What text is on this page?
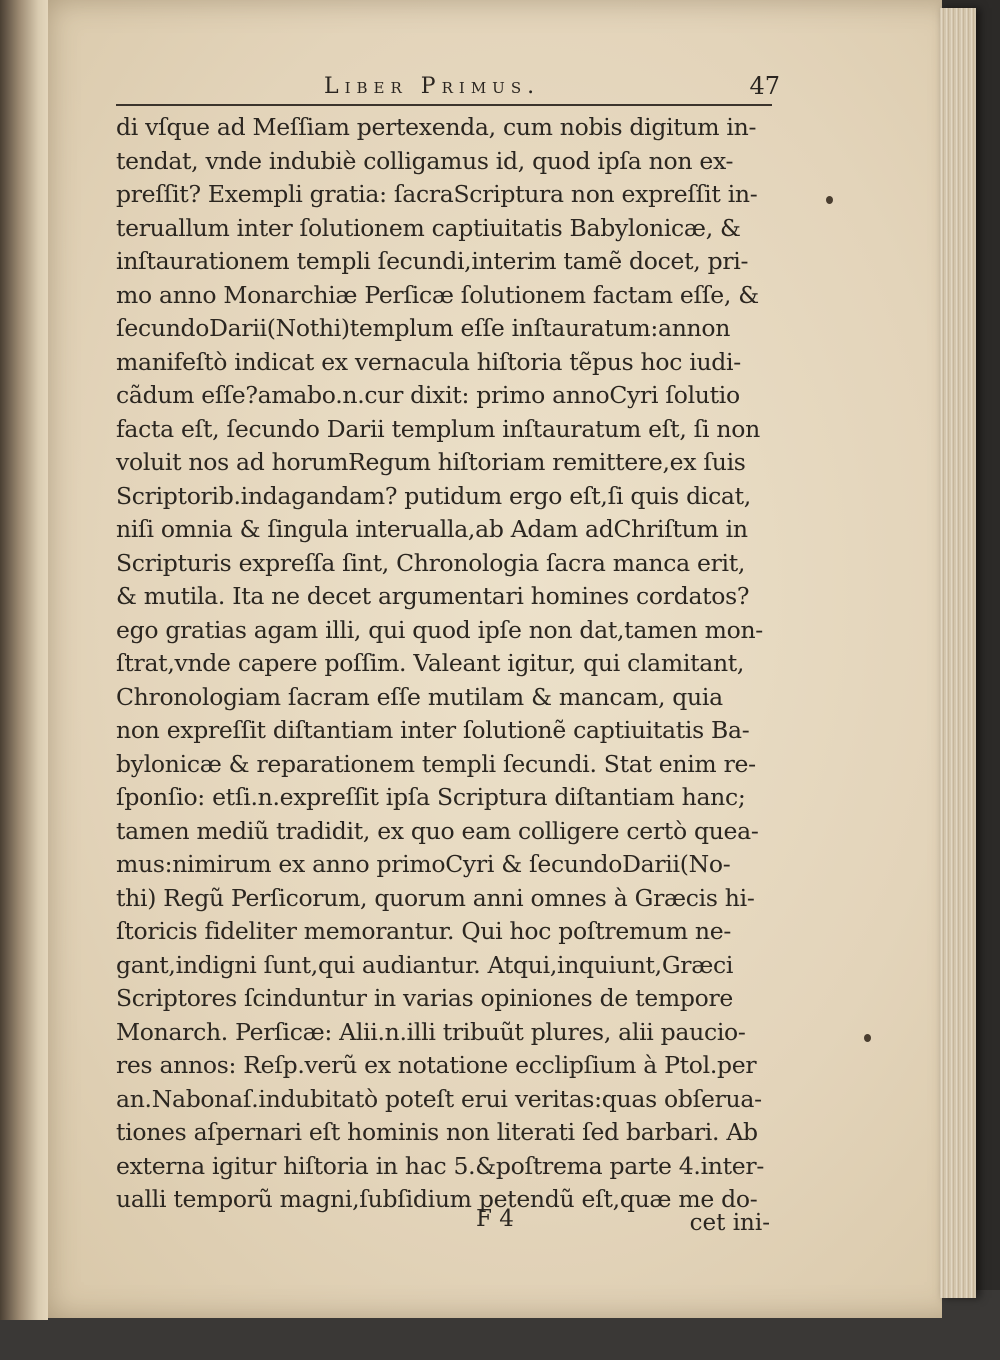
Liber Primus.	47
di vſque ad Meſſiam pertexenda, cum nobis digitum in-
tendat, vnde indubiè colligamus id, quod ipſa non ex-
preſſit? Exempli gratia: ſacraScriptura non expreſſit in-
teruallum inter ſolutionem captiuitatis Babylonicæ, &
inſtaurationem templi ſecundi,interim tamẽ docet, pri-
mo anno Monarchiæ Perſicæ ſolutionem factam eſſe, &
ſecundoDarii(Nothi)templum eſſe inſtauratum:annon
manifeſtò indicat ex vernacula hiſtoria tẽpus hoc iudi-
cãdum eſſe?amabo.n.cur dixit: primo annoCyri ſolutio
facta eſt, ſecundo Darii templum inſtauratum eſt, ſi non
voluit nos ad horumRegum hiſtoriam remittere,ex ſuis
Scriptorib.indagandam? putidum ergo eſt,ſi quis dicat,
niſi omnia & ſingula interualla,ab Adam adChriſtum in
Scripturis expreſſa ſint, Chronologia ſacra manca erit,
& mutila. Ita ne decet argumentari homines cordatos?
ego gratias agam illi, qui quod ipſe non dat,tamen mon-
ſtrat,vnde capere poſſim. Valeant igitur, qui clamitant,
Chronologiam ſacram eſſe mutilam & mancam, quia
non expreſſit diſtantiam inter ſolutionẽ captiuitatis Ba-
bylonicæ & reparationem templi ſecundi. Stat enim re-
ſponſio: etſi.n.expreſſit ipſa Scriptura diſtantiam hanc;
tamen mediũ tradidit, ex quo eam colligere certò quea-
mus:nimirum ex anno primoCyri & ſecundoDarii(No-
thi) Regũ Perſicorum, quorum anni omnes à Græcis hi-
ſtoricis fideliter memorantur. Qui hoc poſtremum ne-
gant,indigni ſunt,qui audiantur. Atqui,inquiunt,Græci
Scriptores ſcinduntur in varias opiniones de tempore
Monarch. Perſicæ: Alii.n.illi tribuũt plures, alii paucio-
res annos: Reſp.verũ ex notatione ecclipſium à Ptol.per
an.Nabonaſ.indubitatò poteſt erui veritas:quas obſerua-
tiones aſpernari eſt hominis non literati ſed barbari. Ab
externa igitur hiſtoria in hac 5.&poſtrema parte 4.inter-
ualli temporũ magni,ſubſidium petendũ eſt,quæ me do-
F 4	cet ini-
